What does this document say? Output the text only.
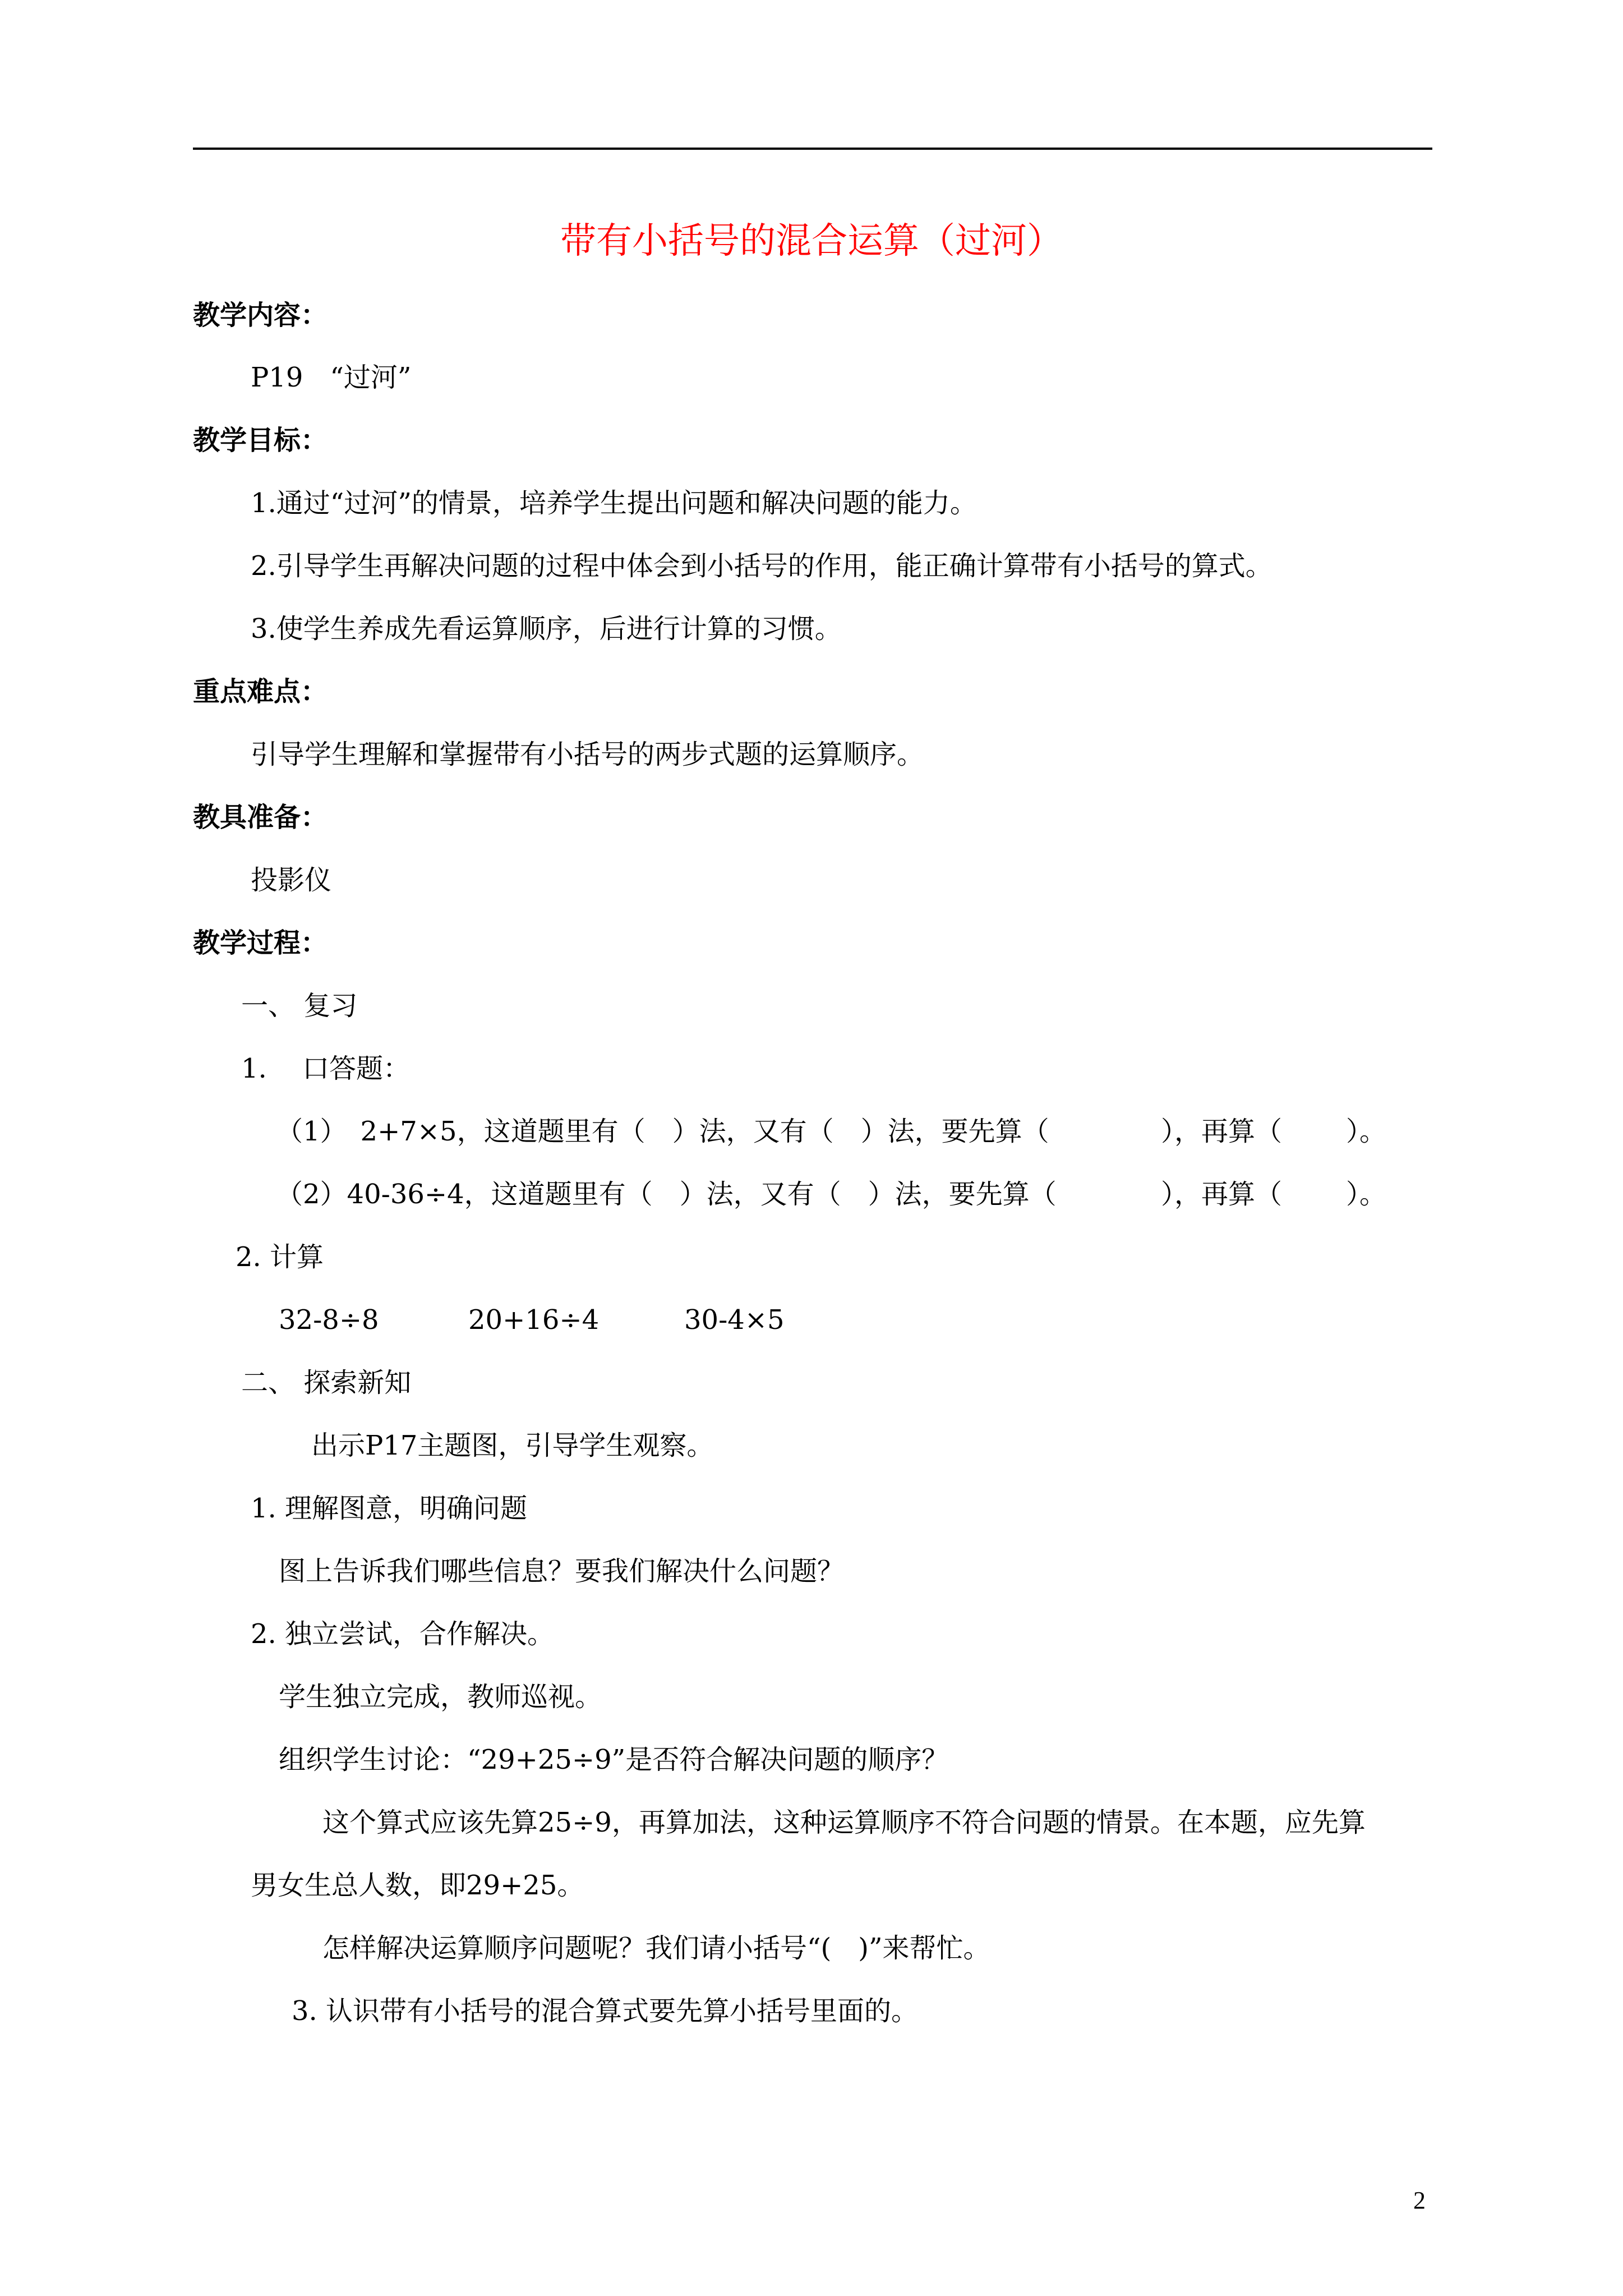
带有小括号的混合运算（过河）
教学内容：
P19　“过河”
教学目标：
1.通过“过河”的情景，培养学生提出问题和解决问题的能力。
2.引导学生再解决问题的过程中体会到小括号的作用，能正确计算带有小括号的算式。
3.使学生养成先看运算顺序，后进行计算的习惯。
重点难点：
引导学生理解和掌握带有小括号的两步式题的运算顺序。
教具准备：
投影仪
教学过程：
一、 复习
1.　 口答题：
（1）　2+7×5，这道题里有（　）法，又有（　）法，要先算（	），再算（ ）。
（2）40-36÷4，这道题里有（　）法，又有（　）法，要先算（	），再算（ ）。
2. 计算
32-8÷8	20+16÷4	30-4×5
二、 探索新知
出示P17主题图，引导学生观察。
1. 理解图意，明确问题
图上告诉我们哪些信息？要我们解决什么问题？
2. 独立尝试，合作解决。
学生独立完成，教师巡视。
组织学生讨论：“29+25÷9”是否符合解决问题的顺序？
这个算式应该先算25÷9，再算加法，这种运算顺序不符合问题的情景。在本题，应先算
男女生总人数，即29+25。
怎样解决运算顺序问题呢？我们请小括号“(　)”来帮忙。
3. 认识带有小括号的混合算式要先算小括号里面的。
2
